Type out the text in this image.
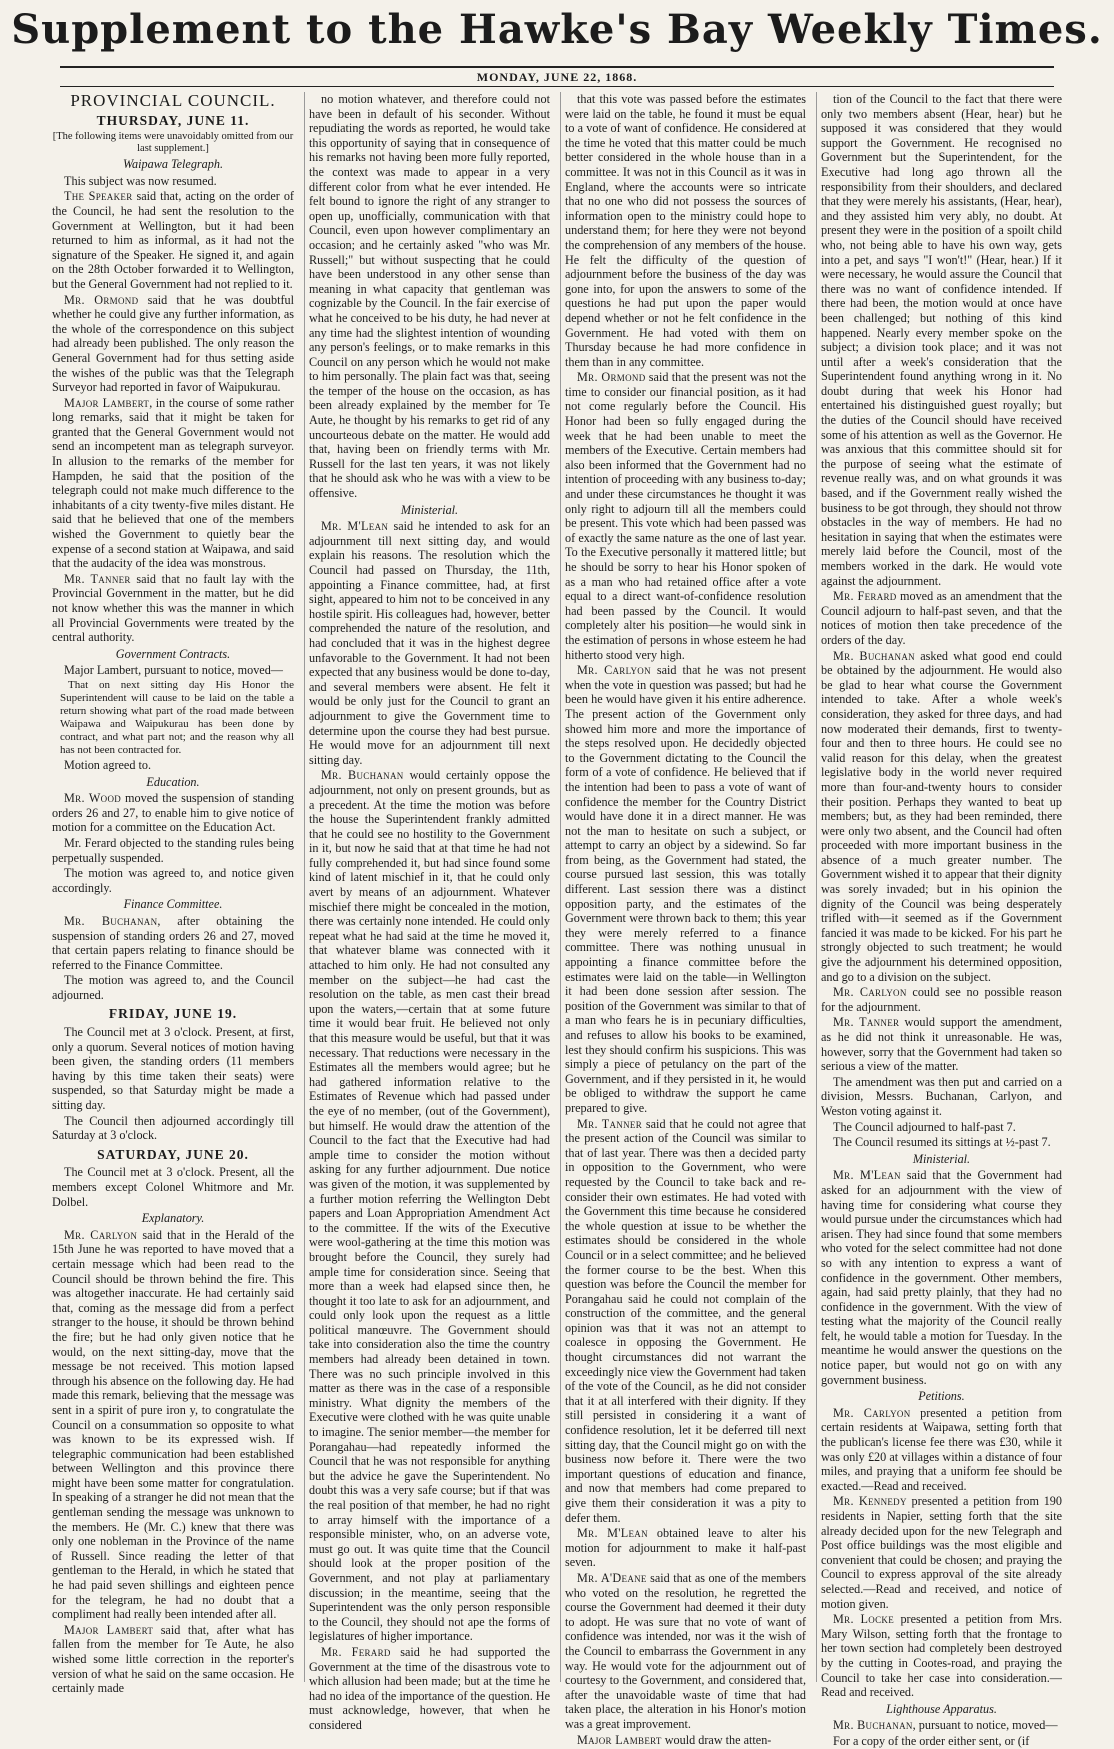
Supplement to the Hawke's Bay Weekly Times.
MONDAY, JUNE 22, 1868.
PROVINCIAL COUNCIL.
THURSDAY, JUNE 11.
[The following items were unavoidably omitted from our last supplement.]
Waipawa Telegraph.

This subject was now resumed.

The Speaker said that, acting on the order of the Council, he had sent the resolution to the Government at Wellington, but it had been returned to him as informal, as it had not the signature of the Speaker. He signed it, and again on the 28th October forwarded it to Wellington, but the General Government had not replied to it.

Mr. Ormond said that he was doubtful whether he could give any further information, as the whole of the correspondence on this subject had already been published. The only reason the General Government had for thus setting aside the wishes of the public was that the Telegraph Surveyor had reported in favor of Waipukurau.

Major Lambert, in the course of some rather long remarks, said that it might be taken for granted that the General Government would not send an incompetent man as telegraph surveyor. In allusion to the remarks of the member for Hampden, he said that the position of the telegraph could not make much difference to the inhabitants of a city twenty-five miles distant. He said that he believed that one of the members wished the Government to quietly bear the expense of a second station at Waipawa, and said that the audacity of the idea was monstrous.

Mr. Tanner said that no fault lay with the Provincial Government in the matter, but he did not know whether this was the manner in which all Provincial Governments were treated by the central authority.

Government Contracts.

Major Lambert, pursuant to notice, moved—

That on next sitting day His Honor the Superintendent will cause to be laid on the table a return showing what part of the road made between Waipawa and Waipukurau has been done by contract, and what part not; and the reason why all has not been contracted for.

Motion agreed to.

Education.

Mr. Wood moved the suspension of standing orders 26 and 27, to enable him to give notice of motion for a committee on the Education Act.

Mr. Ferard objected to the standing rules being perpetually suspended.

The motion was agreed to, and notice given accordingly.

Finance Committee.

Mr. Buchanan, after obtaining the suspension of standing orders 26 and 27, moved that certain papers relating to finance should be referred to the Finance Committee.

The motion was agreed to, and the Council adjourned.

FRIDAY, JUNE 19.

The Council met at 3 o'clock. Present, at first, only a quorum. Several notices of motion having been given, the standing orders (11 members having by this time taken their seats) were suspended, so that Saturday might be made a sitting day.

The Council then adjourned accordingly till Saturday at 3 o'clock.

SATURDAY, JUNE 20.

The Council met at 3 o'clock. Present, all the members except Colonel Whitmore and Mr. Dolbel.

Explanatory.

Mr. Carlyon said that in the Herald of the 15th June he was reported to have moved that a certain message which had been read to the Council should be thrown behind the fire. This was altogether inaccurate. He had certainly said that, coming as the message did from a perfect stranger to the house, it should be thrown behind the fire; but he had only given notice that he would, on the next sitting-day, move that the message be not received. This motion lapsed through his absence on the following day. He had made this remark, believing that the message was sent in a spirit of pure iron y, to congratulate the Council on a consummation so opposite to what was known to be its expressed wish. If telegraphic communication had been established between Wellington and this province there might have been some matter for congratulation. In speaking of a stranger he did not mean that the gentleman sending the message was unknown to the members. He (Mr. C.) knew that there was only one nobleman in the Province of the name of Russell. Since reading the letter of that gentleman to the Herald, in which he stated that he had paid seven shillings and eighteen pence for the telegram, he had no doubt that a compliment had really been intended after all.

Major Lambert said that, after what has fallen from the member for Te Aute, he also wished some little correction in the reporter's version of what he said on the same occasion. He certainly made

no motion whatever, and therefore could not have been in default of his seconder. Without repudiating the words as reported, he would take this opportunity of saying that in consequence of his remarks not having been more fully reported, the context was made to appear in a very different color from what he ever intended. He felt bound to ignore the right of any stranger to open up, unofficially, communication with that Council, even upon however complimentary an occasion; and he certainly asked "who was Mr. Russell;" but without suspecting that he could have been understood in any other sense than meaning in what capacity that gentleman was cognizable by the Council. In the fair exercise of what he conceived to be his duty, he had never at any time had the slightest intention of wounding any person's feelings, or to make remarks in this Council on any person which he would not make to him personally. The plain fact was that, seeing the temper of the house on the occasion, as has been already explained by the member for Te Aute, he thought by his remarks to get rid of any uncourteous debate on the matter. He would add that, having been on friendly terms with Mr. Russell for the last ten years, it was not likely that he should ask who he was with a view to be offensive.

Ministerial.

Mr. M'Lean said he intended to ask for an adjournment till next sitting day, and would explain his reasons. The resolution which the Council had passed on Thursday, the 11th, appointing a Finance committee, had, at first sight, appeared to him not to be conceived in any hostile spirit. His colleagues had, however, better comprehended the nature of the resolution, and had concluded that it was in the highest degree unfavorable to the Government. It had not been expected that any business would be done to-day, and several members were absent. He felt it would be only just for the Council to grant an adjournment to give the Government time to determine upon the course they had best pursue. He would move for an adjournment till next sitting day.

Mr. Buchanan would certainly oppose the adjournment, not only on present grounds, but as a precedent. At the time the motion was before the house the Superintendent frankly admitted that he could see no hostility to the Government in it, but now he said that at that time he had not fully comprehended it, but had since found some kind of latent mischief in it, that he could only avert by means of an adjournment. Whatever mischief there might be concealed in the motion, there was certainly none intended. He could only repeat what he had said at the time he moved it, that whatever blame was connected with it attached to him only. He had not consulted any member on the subject—he had cast the resolution on the table, as men cast their bread upon the waters,—certain that at some future time it would bear fruit. He believed not only that this measure would be useful, but that it was necessary. That reductions were necessary in the Estimates all the members would agree; but he had gathered information relative to the Estimates of Revenue which had passed under the eye of no member, (out of the Government), but himself. He would draw the attention of the Council to the fact that the Executive had had ample time to consider the motion without asking for any further adjournment. Due notice was given of the motion, it was supplemented by a further motion referring the Wellington Debt papers and Loan Appropriation Amendment Act to the committee. If the wits of the Executive were wool-gathering at the time this motion was brought before the Council, they surely had ample time for consideration since. Seeing that more than a week had elapsed since then, he thought it too late to ask for an adjournment, and could only look upon the request as a little political manœuvre. The Government should take into consideration also the time the country members had already been detained in town. There was no such principle involved in this matter as there was in the case of a responsible ministry. What dignity the members of the Executive were clothed with he was quite unable to imagine. The senior member—the member for Porangahau—had repeatedly informed the Council that he was not responsible for anything but the advice he gave the Superintendent. No doubt this was a very safe course; but if that was the real position of that member, he had no right to array himself with the importance of a responsible minister, who, on an adverse vote, must go out. It was quite time that the Council should look at the proper position of the Government, and not play at parliamentary discussion; in the meantime, seeing that the Superintendent was the only person responsible to the Council, they should not ape the forms of legislatures of higher importance.

Mr. Ferard said he had supported the Government at the time of the disastrous vote to which allusion had been made; but at the time he had no idea of the importance of the question. He must acknowledge, however, that when he considered

that this vote was passed before the estimates were laid on the table, he found it must be equal to a vote of want of confidence. He considered at the time he voted that this matter could be much better considered in the whole house than in a committee. It was not in this Council as it was in England, where the accounts were so intricate that no one who did not possess the sources of information open to the ministry could hope to understand them; for here they were not beyond the comprehension of any members of the house. He felt the difficulty of the question of adjournment before the business of the day was gone into, for upon the answers to some of the questions he had put upon the paper would depend whether or not he felt confidence in the Government. He had voted with them on Thursday because he had more confidence in them than in any committee.

Mr. Ormond said that the present was not the time to consider our financial position, as it had not come regularly before the Council. His Honor had been so fully engaged during the week that he had been unable to meet the members of the Executive. Certain members had also been informed that the Government had no intention of proceeding with any business to-day; and under these circumstances he thought it was only right to adjourn till all the members could be present. This vote which had been passed was of exactly the same nature as the one of last year. To the Executive personally it mattered little; but he should be sorry to hear his Honor spoken of as a man who had retained office after a vote equal to a direct want-of-confidence resolution had been passed by the Council. It would completely alter his position—he would sink in the estimation of persons in whose esteem he had hitherto stood very high.

Mr. Carlyon said that he was not present when the vote in question was passed; but had he been he would have given it his entire adherence. The present action of the Government only showed him more and more the importance of the steps resolved upon. He decidedly objected to the Government dictating to the Council the form of a vote of confidence. He believed that if the intention had been to pass a vote of want of confidence the member for the Country District would have done it in a direct manner. He was not the man to hesitate on such a subject, or attempt to carry an object by a sidewind. So far from being, as the Government had stated, the course pursued last session, this was totally different. Last session there was a distinct opposition party, and the estimates of the Government were thrown back to them; this year they were merely referred to a finance committee. There was nothing unusual in appointing a finance committee before the estimates were laid on the table—in Wellington it had been done session after session. The position of the Government was similar to that of a man who fears he is in pecuniary difficulties, and refuses to allow his books to be examined, lest they should confirm his suspicions. This was simply a piece of petulancy on the part of the Government, and if they persisted in it, he would be obliged to withdraw the support he came prepared to give.

Mr. Tanner said that he could not agree that the present action of the Council was similar to that of last year. There was then a decided party in opposition to the Government, who were requested by the Council to take back and re-consider their own estimates. He had voted with the Government this time because he considered the whole question at issue to be whether the estimates should be considered in the whole Council or in a select committee; and he believed the former course to be the best. When this question was before the Council the member for Porangahau said he could not complain of the construction of the committee, and the general opinion was that it was not an attempt to coalesce in opposing the Government. He thought circumstances did not warrant the exceedingly nice view the Government had taken of the vote of the Council, as he did not consider that it at all interfered with their dignity. If they still persisted in considering it a want of confidence resolution, let it be deferred till next sitting day, that the Council might go on with the business now before it. There were the two important questions of education and finance, and now that members had come prepared to give them their consideration it was a pity to defer them.

Mr. M'Lean obtained leave to alter his motion for adjournment to make it half-past seven.

Mr. A'Deane said that as one of the members who voted on the resolution, he regretted the course the Government had deemed it their duty to adopt. He was sure that no vote of want of confidence was intended, nor was it the wish of the Council to embarrass the Government in any way. He would vote for the adjournment out of courtesy to the Government, and considered that, after the unavoidable waste of time that had taken place, the alteration in his Honor's motion was a great improvement.

Major Lambert would draw the atten-

tion of the Council to the fact that there were only two members absent (Hear, hear) but he supposed it was considered that they would support the Government. He recognised no Government but the Superintendent, for the Executive had long ago thrown all the responsibility from their shoulders, and declared that they were merely his assistants, (Hear, hear), and they assisted him very ably, no doubt. At present they were in the position of a spoilt child who, not being able to have his own way, gets into a pet, and says "I won't!" (Hear, hear.) If it were necessary, he would assure the Council that there was no want of confidence intended. If there had been, the motion would at once have been challenged; but nothing of this kind happened. Nearly every member spoke on the subject; a division took place; and it was not until after a week's consideration that the Superintendent found anything wrong in it. No doubt during that week his Honor had entertained his distinguished guest royally; but the duties of the Council should have received some of his attention as well as the Governor. He was anxious that this committee should sit for the purpose of seeing what the estimate of revenue really was, and on what grounds it was based, and if the Government really wished the business to be got through, they should not throw obstacles in the way of members. He had no hesitation in saying that when the estimates were merely laid before the Council, most of the members worked in the dark. He would vote against the adjournment.

Mr. Ferard moved as an amendment that the Council adjourn to half-past seven, and that the notices of motion then take precedence of the orders of the day.

Mr. Buchanan asked what good end could be obtained by the adjournment. He would also be glad to hear what course the Government intended to take. After a whole week's consideration, they asked for three days, and had now moderated their demands, first to twenty-four and then to three hours. He could see no valid reason for this delay, when the greatest legislative body in the world never required more than four-and-twenty hours to consider their position. Perhaps they wanted to beat up members; but, as they had been reminded, there were only two absent, and the Council had often proceeded with more important business in the absence of a much greater number. The Government wished it to appear that their dignity was sorely invaded; but in his opinion the dignity of the Council was being desperately trifled with—it seemed as if the Government fancied it was made to be kicked. For his part he strongly objected to such treatment; he would give the adjournment his determined opposition, and go to a division on the subject.

Mr. Carlyon could see no possible reason for the adjournment.

Mr. Tanner would support the amendment, as he did not think it unreasonable. He was, however, sorry that the Government had taken so serious a view of the matter.

The amendment was then put and carried on a division, Messrs. Buchanan, Carlyon, and Weston voting against it.

The Council adjourned to half-past 7.

The Council resumed its sittings at ½-past 7.

Ministerial.

Mr. M'Lean said that the Government had asked for an adjournment with the view of having time for considering what course they would pursue under the circumstances which had arisen. They had since found that some members who voted for the select committee had not done so with any intention to express a want of confidence in the government. Other members, again, had said pretty plainly, that they had no confidence in the government. With the view of testing what the majority of the Council really felt, he would table a motion for Tuesday. In the meantime he would answer the questions on the notice paper, but would not go on with any government business.

Petitions.

Mr. Carlyon presented a petition from certain residents at Waipawa, setting forth that the publican's license fee there was £30, while it was only £20 at villages within a distance of four miles, and praying that a uniform fee should be exacted.—Read and received.

Mr. Kennedy presented a petition from 190 residents in Napier, setting forth that the site already decided upon for the new Telegraph and Post office buildings was the most eligible and convenient that could be chosen; and praying the Council to express approval of the site already selected.—Read and received, and notice of motion given.

Mr. Locke presented a petition from Mrs. Mary Wilson, setting forth that the frontage to her town section had completely been destroyed by the cutting in Cootes-road, and praying the Council to take her case into consideration.—Read and received.

Lighthouse Apparatus.

Mr. Buchanan, pursuant to notice, moved—

For a copy of the order either sent, or (if
